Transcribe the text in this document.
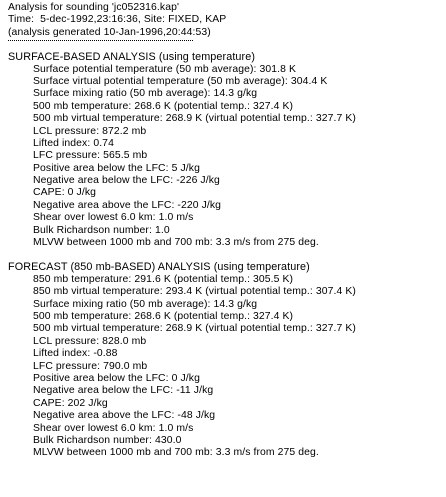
Analysis for sounding 'jc052316.kap'
Time:  5-dec-1992,23:16:36, Site: FIXED, KAP
(analysis generated 10-Jan-1996,20:44:53)
SURFACE-BASED ANALYSIS (using temperature)
Surface potential temperature (50 mb average): 301.8 K
Surface virtual potential temperature (50 mb average): 304.4 K
Surface mixing ratio (50 mb average): 14.3 g/kg
500 mb temperature: 268.6 K (potential temp.: 327.4 K)
500 mb virtual temperature: 268.9 K (virtual potential temp.: 327.7 K)
LCL pressure: 872.2 mb
Lifted index: 0.74
LFC pressure: 565.5 mb
Positive area below the LFC: 5 J/kg
Negative area below the LFC: -226 J/kg
CAPE: 0 J/kg
Negative area above the LFC: -220 J/kg
Shear over lowest 6.0 km: 1.0 m/s
Bulk Richardson number: 1.0
MLVW between 1000 mb and 700 mb: 3.3 m/s from 275 deg.
FORECAST (850 mb-BASED) ANALYSIS (using temperature)
850 mb temperature: 291.6 K (potential temp.: 305.5 K)
850 mb virtual temperature: 293.4 K (virtual potential temp.: 307.4 K)
Surface mixing ratio (50 mb average): 14.3 g/kg
500 mb temperature: 268.6 K (potential temp.: 327.4 K)
500 mb virtual temperature: 268.9 K (virtual potential temp.: 327.7 K)
LCL pressure: 828.0 mb
Lifted index: -0.88
LFC pressure: 790.0 mb
Positive area below the LFC: 0 J/kg
Negative area below the LFC: -11 J/kg
CAPE: 202 J/kg
Negative area above the LFC: -48 J/kg
Shear over lowest 6.0 km: 1.0 m/s
Bulk Richardson number: 430.0
MLVW between 1000 mb and 700 mb: 3.3 m/s from 275 deg.
